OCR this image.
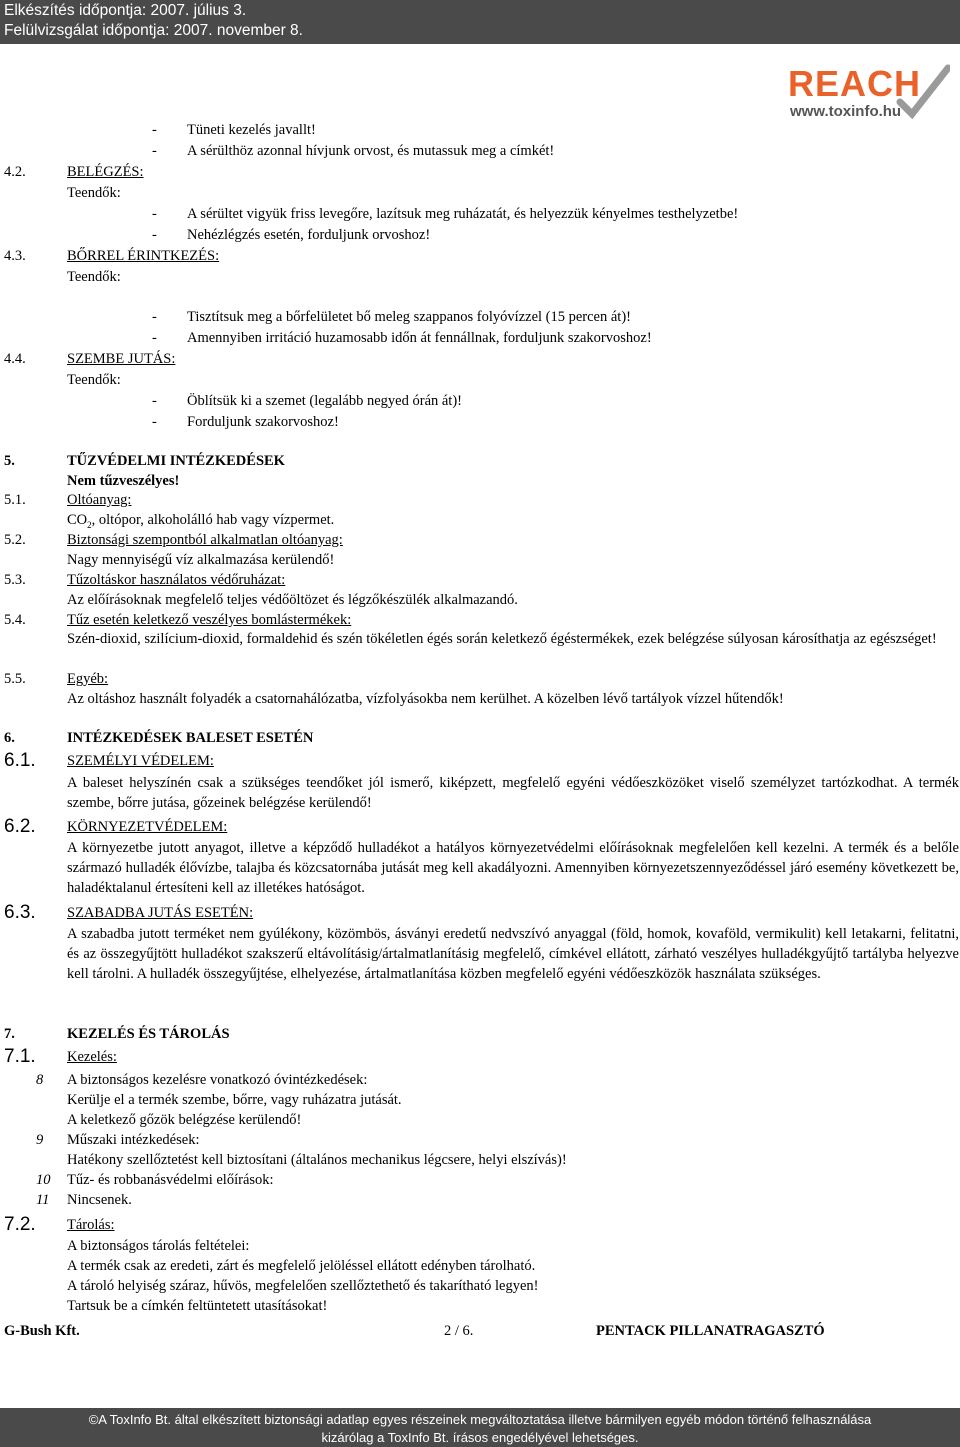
Elkészítés időpontja: 2007. július 3.
Felülvizsgálat időpontja: 2007. november 8.
REACH
www.toxinfo.hu
- Tüneti kezelés javallt!
- A sérülthöz azonnal hívjunk orvost, és mutassuk meg a címkét!
4.2.	BELÉGZÉS:
Teendők:
- A sérültet vigyük friss levegőre, lazítsuk meg ruházatát, és helyezzük kényelmes testhelyzetbe!
- Nehézlégzés esetén, forduljunk orvoshoz!
4.3.	BŐRREL ÉRINTKEZÉS:
Teendők:
- Tisztítsuk meg a bőrfelületet bő meleg szappanos folyóvízzel (15 percen át)!
- Amennyiben irritáció huzamosabb időn át fennállnak, forduljunk szakorvoshoz!
4.4.	SZEMBE JUTÁS:
Teendők:
- Öblítsük ki a szemet (legalább negyed órán át)!
- Forduljunk szakorvoshoz!
5.	TŰZVÉDELMI INTÉZKEDÉSEK
Nem tűzveszélyes!
5.1.	Oltóanyag:
$CO_2$, oltópor, alkoholálló hab vagy vízpermet.
5.2.	Biztonsági szempontból alkalmatlan oltóanyag:
Nagy mennyiségű víz alkalmazása kerülendő!
5.3.	Tűzoltáskor használatos védőruházat:
Az előírásoknak megfelelő teljes védőöltözet és légzőkészülék alkalmazandó.
5.4.	Tűz esetén keletkező veszélyes bomlástermékek:
Szén-dioxid, szilícium-dioxid, formaldehid és szén tökéletlen égés során keletkező égéstermékek, ezek belégzése súlyosan károsíthatja az egészséget!
5.5.	Egyéb:
Az oltáshoz használt folyadék a csatornahálózatba, vízfolyásokba nem kerülhet. A közelben lévő tartályok vízzel hűtendők!
6.	INTÉZKEDÉSEK BALESET ESETÉN
6.1. SZEMÉLYI VÉDELEM:
A baleset helyszínén csak a szükséges teendőket jól ismerő, kiképzett, megfelelő egyéni védőeszközöket viselő személyzet tartózkodhat. A termék szembe, bőrre jutása, gőzeinek belégzése kerülendő!
6.2. KÖRNYEZETVÉDELEM:
A környezetbe jutott anyagot, illetve a képződő hulladékot a hatályos környezetvédelmi előírásoknak megfelelően kell kezelni. A termék és a belőle származó hulladék élővízbe, talajba és közcsatornába jutását meg kell akadályozni. Amennyiben környezetszennyeződéssel járó esemény következett be, haladéktalanul értesíteni kell az illetékes hatóságot.
6.3. SZABADBA JUTÁS ESETÉN:
A szabadba jutott terméket nem gyúlékony, közömbös, ásványi eredetű nedvszívó anyaggal (föld, homok, kovaföld, vermikulit) kell letakarni, felitatni, és az összegyűjtött hulladékot szakszerű eltávolításig/ártalmatlanításig megfelelő, címkével ellátott, zárható veszélyes hulladékgyűjtő tartályba helyezve kell tárolni. A hulladék összegyűjtése, elhelyezése, ártalmatlanítása közben megfelelő egyéni védőeszközök használata szükséges.
7.	KEZELÉS ÉS TÁROLÁS
7.1. Kezelés:
8 A biztonságos kezelésre vonatkozó óvintézkedések:
Kerülje el a termék szembe, bőrre, vagy ruházatra jutását.
A keletkező gőzök belégzése kerülendő!
9 Műszaki intézkedések:
Hatékony szellőztetést kell biztosítani (általános mechanikus légcsere, helyi elszívás)!
10 Tűz- és robbanásvédelmi előírások:
11 Nincsenek.
7.2. Tárolás:
A biztonságos tárolás feltételei:
A termék csak az eredeti, zárt és megfelelő jelöléssel ellátott edényben tárolható.
A tároló helyiség száraz, hűvös, megfelelően szellőztethető és takarítható legyen!
Tartsuk be a címkén feltüntetett utasításokat!
G-Bush Kft.	2 / 6.	PENTACK PILLANATRAGASZTÓ
©A ToxInfo Bt. által elkészített biztonsági adatlap egyes részeinek megváltoztatása illetve bármilyen egyéb módon történő felhasználása
kizárólag a ToxInfo Bt. írásos engedélyével lehetséges.
